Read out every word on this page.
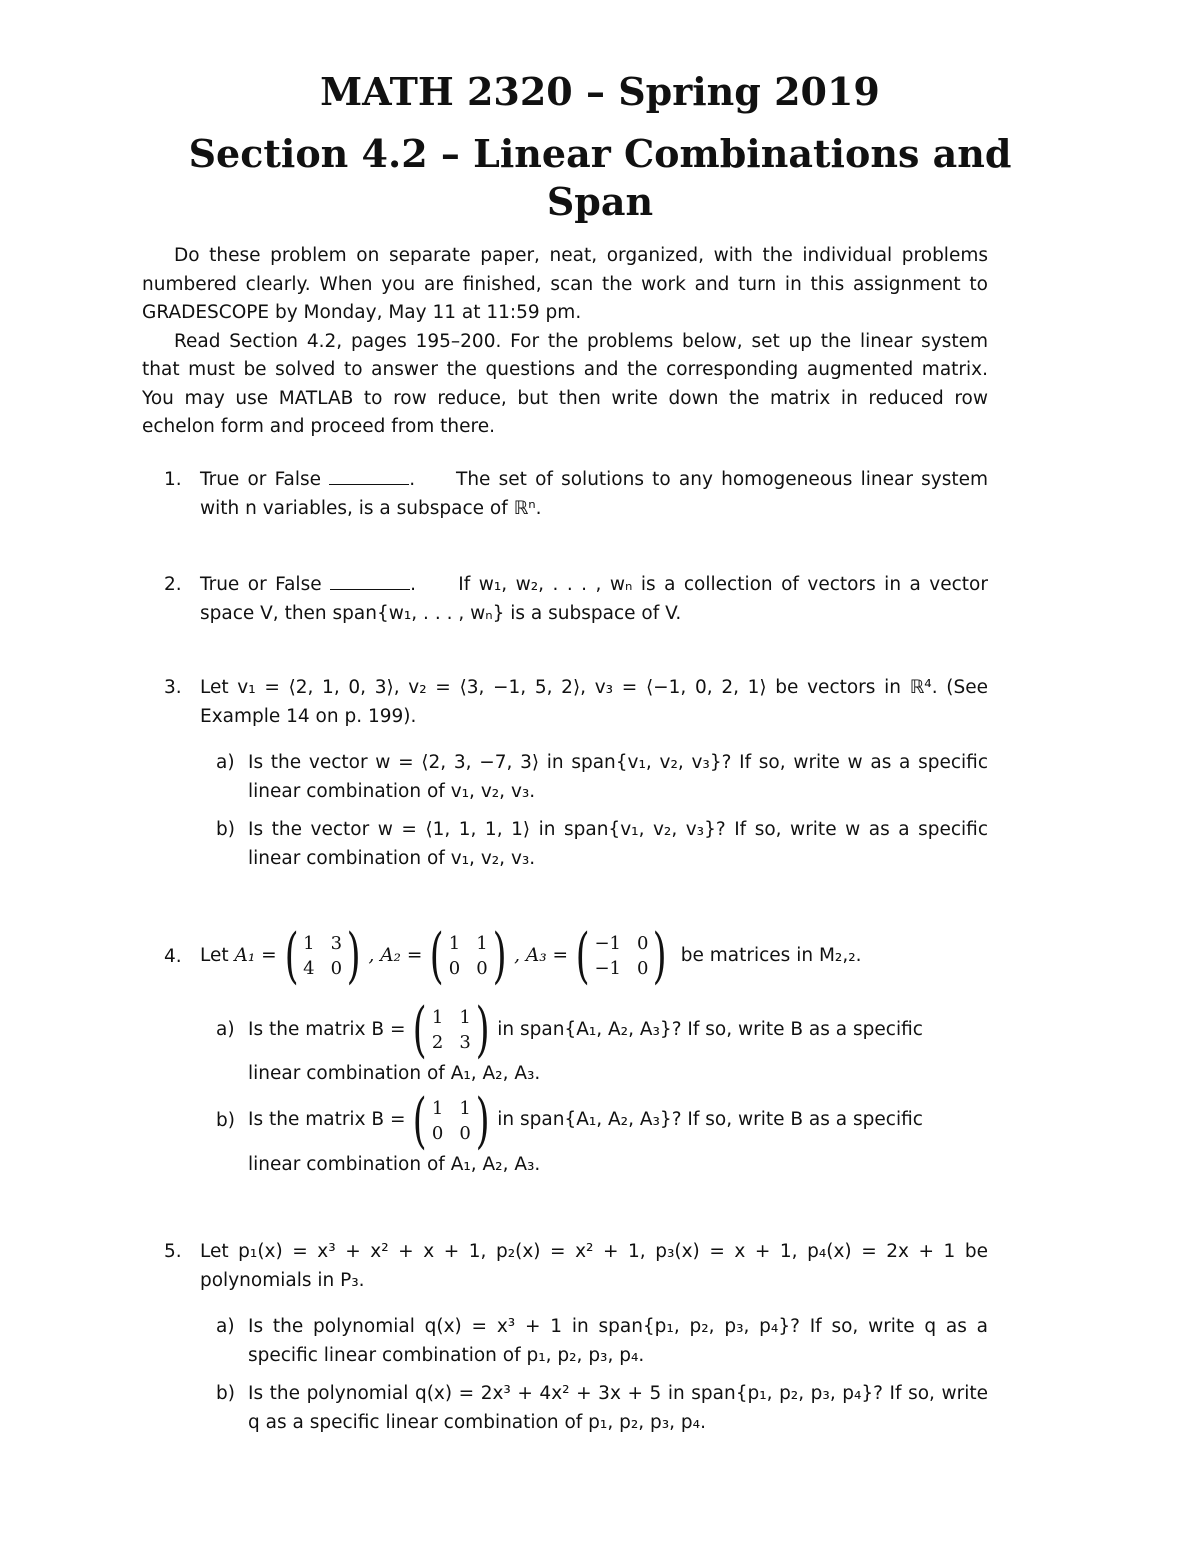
MATH 2320 – Spring 2019
Section 4.2 – Linear Combinations and Span

Do these problem on separate paper, neat, organized, with the individual problems numbered clearly. When you are finished, scan the work and turn in this assignment to GRADESCOPE by Monday, May 11 at 11:59 pm.

Read Section 4.2, pages 195–200. For the problems below, set up the linear system that must be solved to answer the questions and the corresponding augmented matrix. You may use MATLAB to row reduce, but then write down the matrix in reduced row echelon form and proceed from there.

1. True or False	.     The set of solutions to any homogeneous linear system with n variables, is a subspace of ℝⁿ.
2. True or False	.     If w₁, w₂, . . . , wₙ is a collection of vectors in a vector space V, then span{w₁, . . . , wₙ} is a subspace of V.
3. Let v₁ = ⟨2, 1, 0, 3⟩, v₂ = ⟨3, −1, 5, 2⟩, v₃ = ⟨−1, 0, 2, 1⟩ be vectors in ℝ⁴. (See Example 14 on p. 199).
a) Is the vector w = ⟨2, 3, −7, 3⟩ in span{v₁, v₂, v₃}? If so, write w as a specific linear combination of v₁, v₂, v₃.
b) Is the vector w = ⟨1, 1, 1, 1⟩ in span{v₁, v₂, v₃}? If so, write w as a specific linear combination of v₁, v₂, v₃.
4. Let
A₁ = ( 1 3
4 0 ) , A₂ = ( 1 1
0 0 ) , A₃ = ( −1 0
−1 0 )
be matrices in M₂,₂.
a) Is the matrix B = ( 1 1
2 3 ) in span{A₁, A₂, A₃}? If so, write B as a specific
linear combination of A₁, A₂, A₃.
b) Is the matrix B = ( 1 1
0 0 ) in span{A₁, A₂, A₃}? If so, write B as a specific
linear combination of A₁, A₂, A₃.
5. Let p₁(x) = x³ + x² + x + 1, p₂(x) = x² + 1, p₃(x) = x + 1, p₄(x) = 2x + 1 be polynomials in P₃.
a) Is the polynomial q(x) = x³ + 1 in span{p₁, p₂, p₃, p₄}? If so, write q as a specific linear combination of p₁, p₂, p₃, p₄.
b) Is the polynomial q(x) = 2x³ + 4x² + 3x + 5 in span{p₁, p₂, p₃, p₄}? If so, write q as a specific linear combination of p₁, p₂, p₃, p₄.
